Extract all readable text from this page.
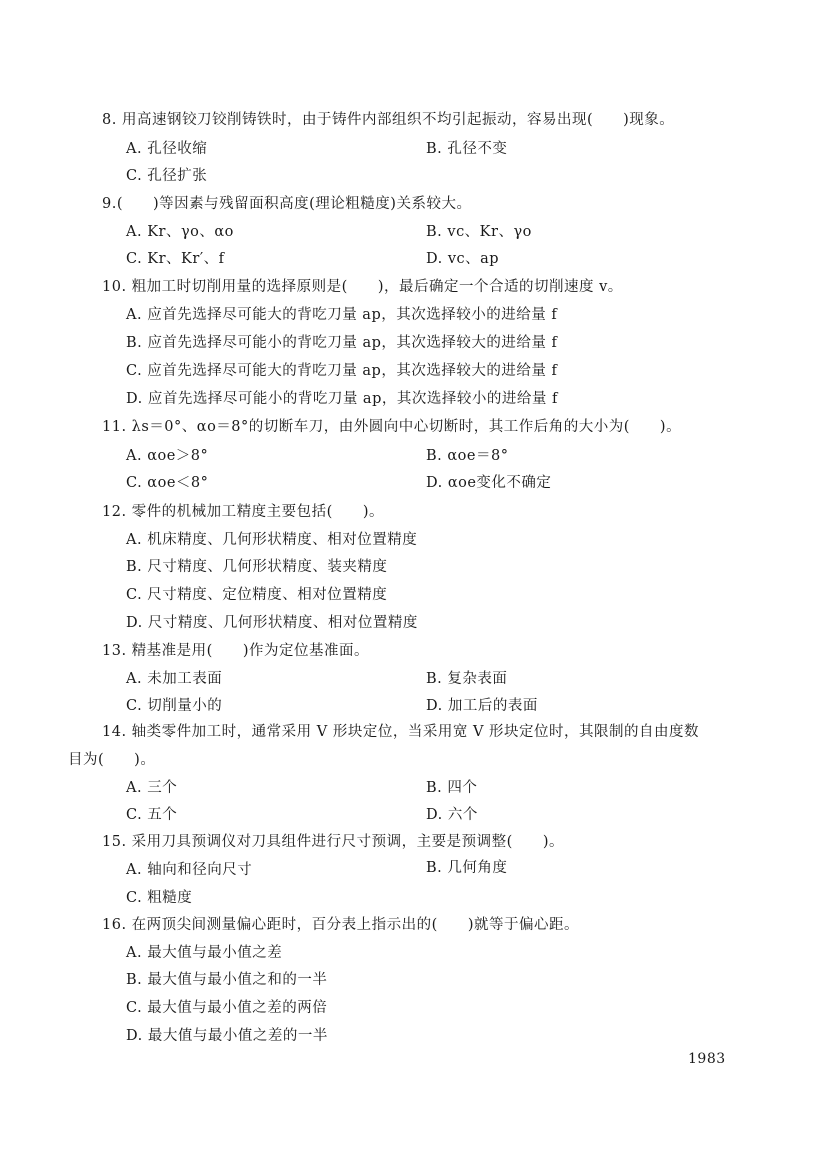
8. 用高速钢铰刀铰削铸铁时，由于铸件内部组织不均引起振动，容易出现(　　)现象。
A. 孔径收缩	B. 孔径不变
C. 孔径扩张
9.(　　)等因素与残留面积高度(理论粗糙度)关系较大。
A. Kr、γo、αo	B. vc、Kr、γo
C. Kr、Kr′、f	D. vc、ap
10. 粗加工时切削用量的选择原则是(　　)，最后确定一个合适的切削速度 v。
A. 应首先选择尽可能大的背吃刀量 ap，其次选择较小的进给量 f
B. 应首先选择尽可能小的背吃刀量 ap，其次选择较大的进给量 f
C. 应首先选择尽可能大的背吃刀量 ap，其次选择较大的进给量 f
D. 应首先选择尽可能小的背吃刀量 ap，其次选择较小的进给量 f
11. λs＝0°、αo＝8°的切断车刀，由外圆向中心切断时，其工作后角的大小为(　　)。
A. αoe＞8°	B. αoe＝8°
C. αoe＜8°	D. αoe变化不确定
12. 零件的机械加工精度主要包括(　　)。
A. 机床精度、几何形状精度、相对位置精度
B. 尺寸精度、几何形状精度、装夹精度
C. 尺寸精度、定位精度、相对位置精度
D. 尺寸精度、几何形状精度、相对位置精度
13. 精基准是用(　　)作为定位基准面。
A. 未加工表面	B. 复杂表面
C. 切削量小的	D. 加工后的表面
14. 轴类零件加工时，通常采用 V 形块定位，当采用宽 V 形块定位时，其限制的自由度数
目为(　　)。
A. 三个	B. 四个
C. 五个	D. 六个
15. 采用刀具预调仪对刀具组件进行尺寸预调，主要是预调整(　　)。
A. 轴向和径向尺寸	B. 几何角度
C. 粗糙度
16. 在两顶尖间测量偏心距时，百分表上指示出的(　　)就等于偏心距。
A. 最大值与最小值之差
B. 最大值与最小值之和的一半
C. 最大值与最小值之差的两倍
D. 最大值与最小值之差的一半
1983
